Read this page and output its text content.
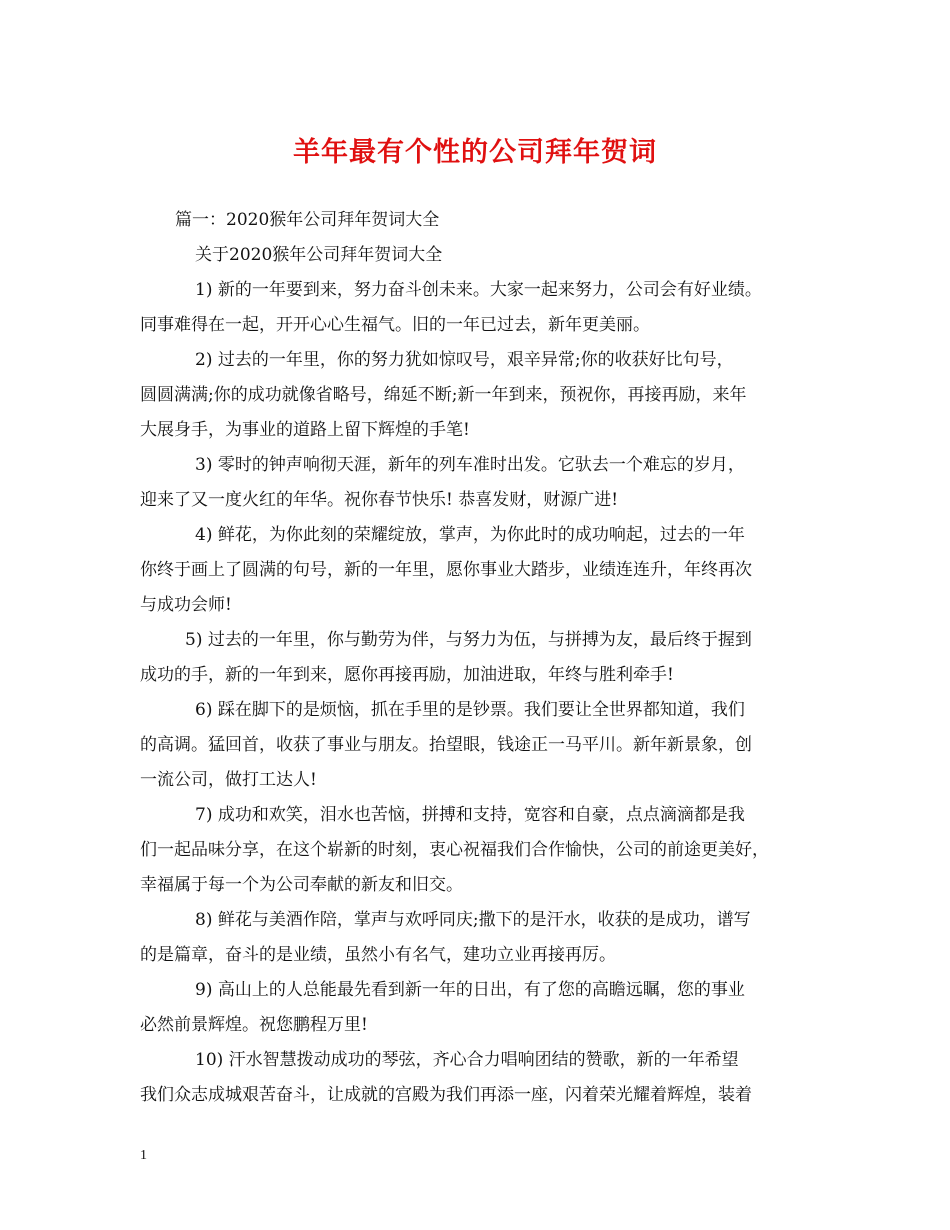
羊年最有个性的公司拜年贺词
篇一：2020猴年公司拜年贺词大全
关于2020猴年公司拜年贺词大全
1) 新的一年要到来，努力奋斗创未来。大家一起来努力，公司会有好业绩。
同事难得在一起，开开心心生福气。旧的一年已过去，新年更美丽。
2) 过去的一年里，你的努力犹如惊叹号，艰辛异常;你的收获好比句号，
圆圆满满;你的成功就像省略号，绵延不断;新一年到来，预祝你，再接再励，来年
大展身手，为事业的道路上留下辉煌的手笔!
3) 零时的钟声响彻天涯，新年的列车准时出发。它驮去一个难忘的岁月，
迎来了又一度火红的年华。祝你春节快乐! 恭喜发财，财源广进!
4) 鲜花，为你此刻的荣耀绽放，掌声，为你此时的成功响起，过去的一年
你终于画上了圆满的句号，新的一年里，愿你事业大踏步，业绩连连升，年终再次
与成功会师!
5) 过去的一年里，你与勤劳为伴，与努力为伍，与拼搏为友，最后终于握到
成功的手，新的一年到来，愿你再接再励，加油进取，年终与胜利牵手!
6) 踩在脚下的是烦恼，抓在手里的是钞票。我们要让全世界都知道，我们
的高调。猛回首，收获了事业与朋友。抬望眼，钱途正一马平川。新年新景象，创
一流公司，做打工达人!
7) 成功和欢笑，泪水也苦恼，拼搏和支持，宽容和自豪，点点滴滴都是我
们一起品味分享，在这个崭新的时刻，衷心祝福我们合作愉快，公司的前途更美好，
幸福属于每一个为公司奉献的新友和旧交。
8) 鲜花与美酒作陪，掌声与欢呼同庆;撒下的是汗水，收获的是成功，谱写
的是篇章，奋斗的是业绩，虽然小有名气，建功立业再接再厉。
9) 高山上的人总能最先看到新一年的日出，有了您的高瞻远瞩，您的事业
必然前景辉煌。祝您鹏程万里!
10) 汗水智慧拨动成功的琴弦，齐心合力唱响团结的赞歌，新的一年希望
我们众志成城艰苦奋斗，让成就的宫殿为我们再添一座，闪着荣光耀着辉煌，装着
1
